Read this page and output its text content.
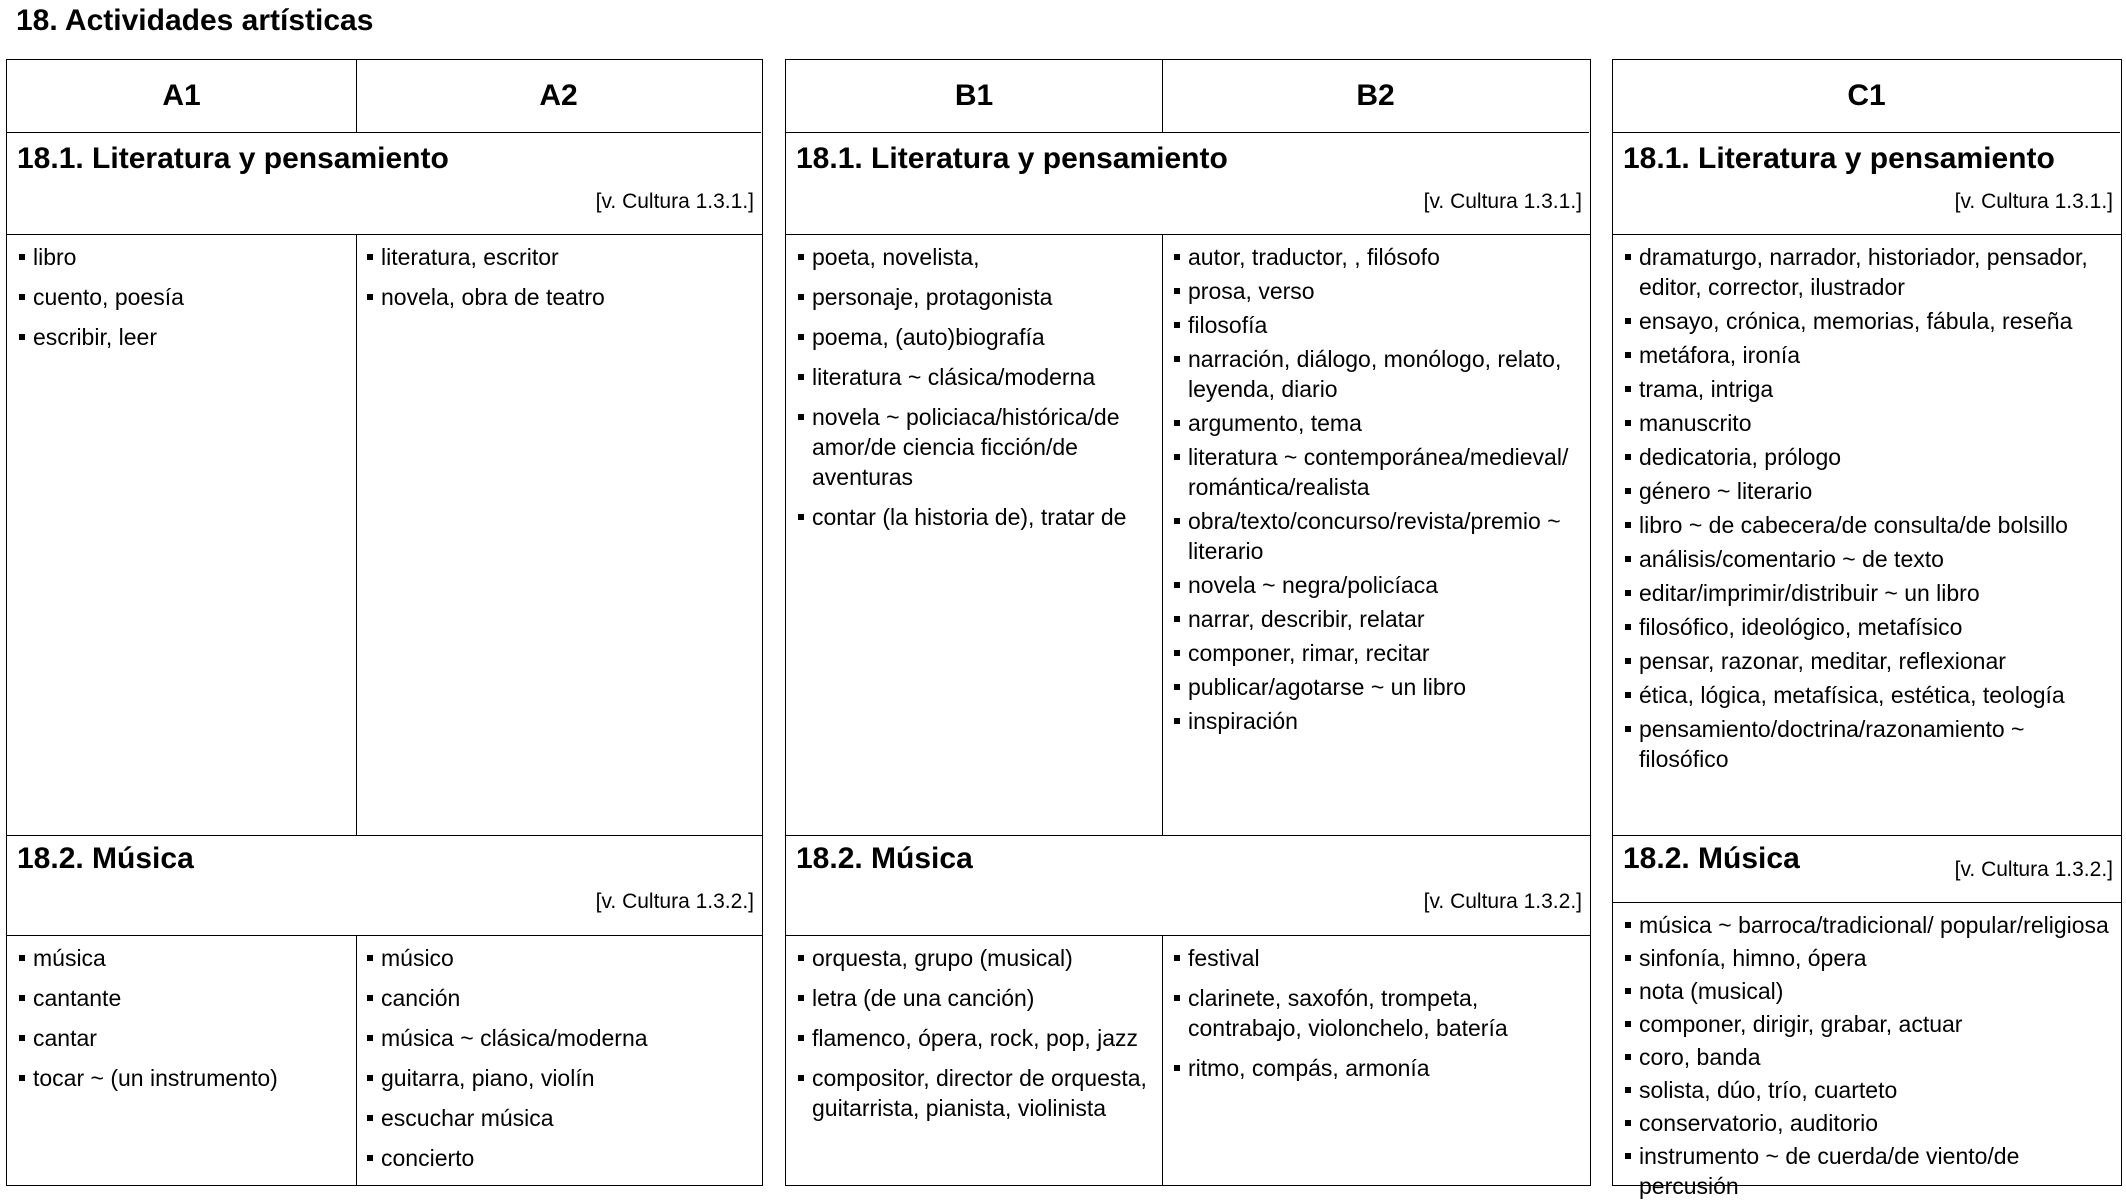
18. Actividades artísticas
A1	A2
18.1. Literatura y pensamiento
[v. Cultura 1.3.1.]
libro
cuento, poesía
escribir, leer
literatura, escritor
novela, obra de teatro
18.2. Música
[v. Cultura 1.3.2.]
música
cantante
cantar
tocar ~ (un instrumento)
músico
canción
música ~ clásica/moderna
guitarra, piano, violín
escuchar música
concierto
B1	B2
18.1. Literatura y pensamiento
[v. Cultura 1.3.1.]
poeta, novelista,
personaje, protagonista
poema, (auto)biografía
literatura ~ clásica/moderna
novela ~ policiaca/histórica/de amor/de ciencia ficción/de aventuras
contar (la historia de), tratar de
autor, traductor, , filósofo
prosa, verso
filosofía
narración, diálogo, monólogo, relato, leyenda, diario
argumento, tema
literatura ~ contemporánea/medieval/ romántica/realista
obra/texto/concurso/revista/premio ~ literario
novela ~ negra/policíaca
narrar, describir, relatar
componer, rimar, recitar
publicar/agotarse ~ un libro
inspiración
18.2. Música
[v. Cultura 1.3.2.]
orquesta, grupo (musical)
letra (de una canción)
flamenco, ópera, rock, pop, jazz
compositor, director de orquesta, guitarrista, pianista, violinista
festival
clarinete, saxofón, trompeta, contrabajo, violonchelo, batería
ritmo, compás, armonía
C1
18.1. Literatura y pensamiento
[v. Cultura 1.3.1.]
dramaturgo, narrador, historiador, pensador, editor, corrector, ilustrador
ensayo, crónica, memorias, fábula, reseña
metáfora, ironía
trama, intriga
manuscrito
dedicatoria, prólogo
género ~ literario
libro ~ de cabecera/de consulta/de bolsillo
análisis/comentario ~ de texto
editar/imprimir/distribuir ~ un libro
filosófico, ideológico, metafísico
pensar, razonar, meditar, reflexionar
ética, lógica, metafísica, estética, teología
pensamiento/doctrina/razonamiento ~ filosófico
18.2. Música	[v. Cultura 1.3.2.]
música ~ barroca/tradicional/ popular/religiosa
sinfonía, himno, ópera
nota (musical)
componer, dirigir, grabar, actuar
coro, banda
solista, dúo, trío, cuarteto
conservatorio, auditorio
instrumento ~ de cuerda/de viento/de percusión
